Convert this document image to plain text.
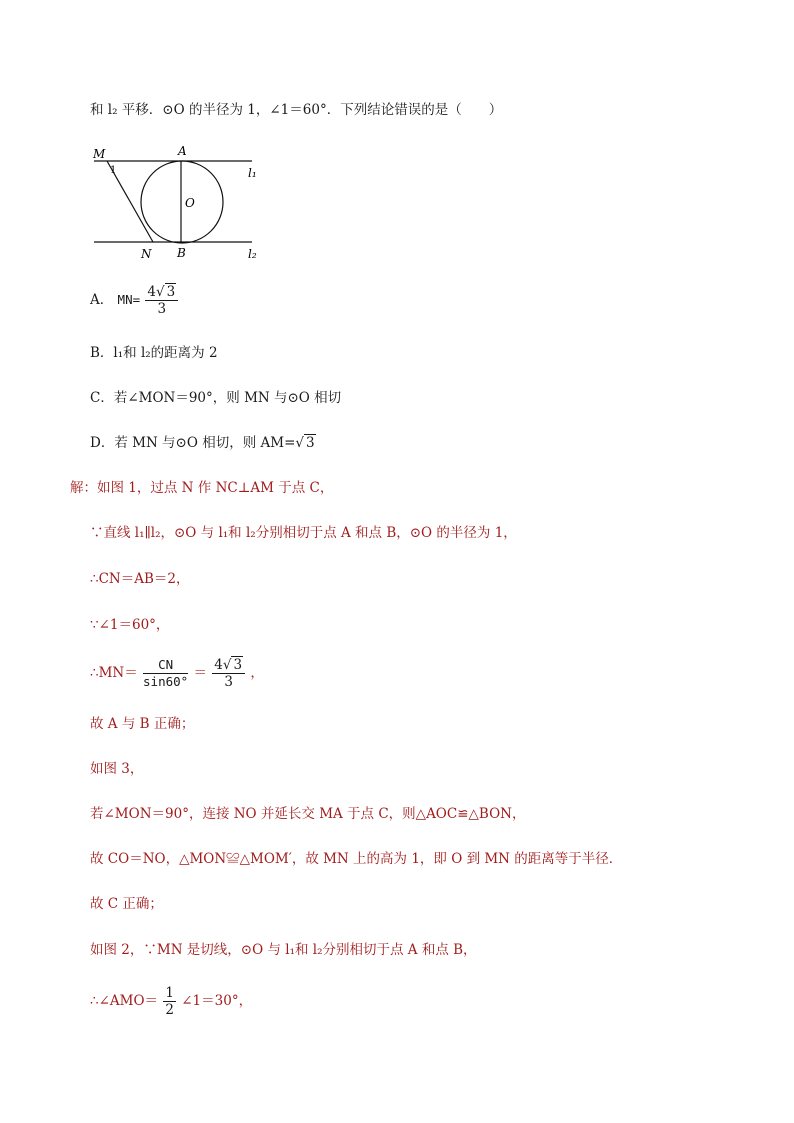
和 l₂ 平移．⊙O 的半径为 1，∠1＝60°．下列结论错误的是（　　）
M
1
A
l₁
O
N B	l₂
A． $MN= \frac{4√ 3}{3}$
B．l₁和 l₂的距离为 2
C．若∠MON＝90°，则 MN 与⊙O 相切
D．若 MN 与⊙O 相切，则 AM=√ 3
解：如图 1，过点 N 作 NC⊥AM 于点 C，
∵直线 l₁∥l₂，⊙O 与 l₁和 l₂分别相切于点 A 和点 B，⊙O 的半径为 1，
∴CN＝AB＝2，
∵∠1＝60°，
∴MN＝ $\frac{CN}{\sin 60^\circ} = \frac{4√ 3}{3}$ ，
故 A 与 B 正确；
如图 3，
若∠MON＝90°，连接 NO 并延长交 MA 于点 C，则△AOC≌△BON，
故 CO＝NO，△MON≌△MOM′，故 MN 上的高为 1，即 O 到 MN 的距离等于半径．
故 C 正确；
如图 2，∵MN 是切线，⊙O 与 l₁和 l₂分别相切于点 A 和点 B，
∴∠AMO＝ $\frac{1}{2}$ ∠1＝30°，
